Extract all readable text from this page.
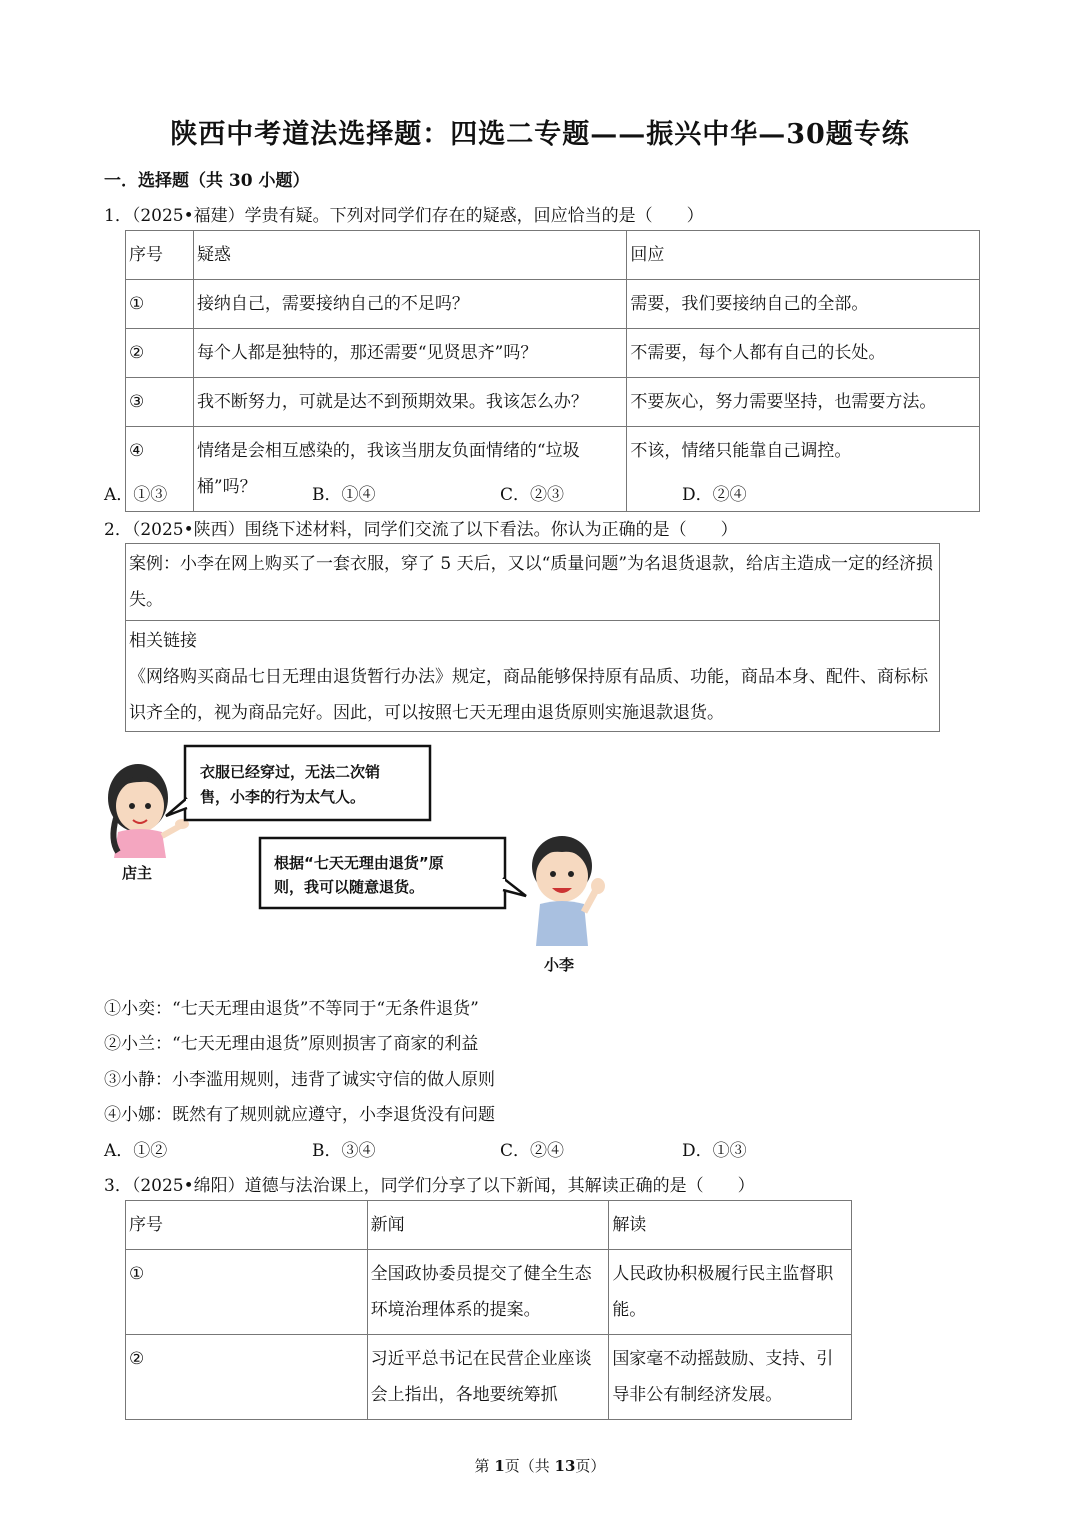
陕西中考道法选择题：四选二专题——振兴中华—30题专练
一．选择题（共 30 小题）
1．（2025•福建）学贵有疑。下列对同学们存在的疑惑，回应恰当的是（　　）
序号	疑惑	回应
①	接纳自己，需要接纳自己的不足吗？	需要，我们要接纳自己的全部。
②	每个人都是独特的，那还需要“见贤思齐”吗？	不需要，每个人都有自己的长处。
③	我不断努力，可就是达不到预期效果。我该怎么办？	不要灰心，努力需要坚持，也需要方法。
④	情绪是会相互感染的，我该当朋友负面情绪的“垃圾桶”吗？	不该，情绪只能靠自己调控。
A．①③	B．①④	C．②③	D．②④
2．（2025•陕西）围绕下述材料，同学们交流了以下看法。你认为正确的是（　　）
案例：小李在网上购买了一套衣服，穿了 5 天后，又以“质量问题”为名退货退款，给店主造成一定的经济损失。
相关链接
《网络购买商品七日无理由退货暂行办法》规定，商品能够保持原有品质、功能，商品本身、配件、商标标识齐全的，视为商品完好。因此，可以按照七天无理由退货原则实施退款退货。
店主
衣服已经穿过，无法二次销
售，小李的行为太气人。
根据“七天无理由退货”原
则，我可以随意退货。
小李
①小奕：“七天无理由退货”不等同于“无条件退货”
②小兰：“七天无理由退货”原则损害了商家的利益
③小静：小李滥用规则，违背了诚实守信的做人原则
④小娜：既然有了规则就应遵守，小李退货没有问题
A．①②	B．③④	C．②④	D．①③
3．（2025•绵阳）道德与法治课上，同学们分享了以下新闻，其解读正确的是（　　）
序号	新闻	解读
①	全国政协委员提交了健全生态环境治理体系的提案。	人民政协积极履行民主监督职能。
②	习近平总书记在民营企业座谈会上指出，各地要统筹抓	国家毫不动摇鼓励、支持、引导非公有制经济发展。
第 1页（共 13页）
